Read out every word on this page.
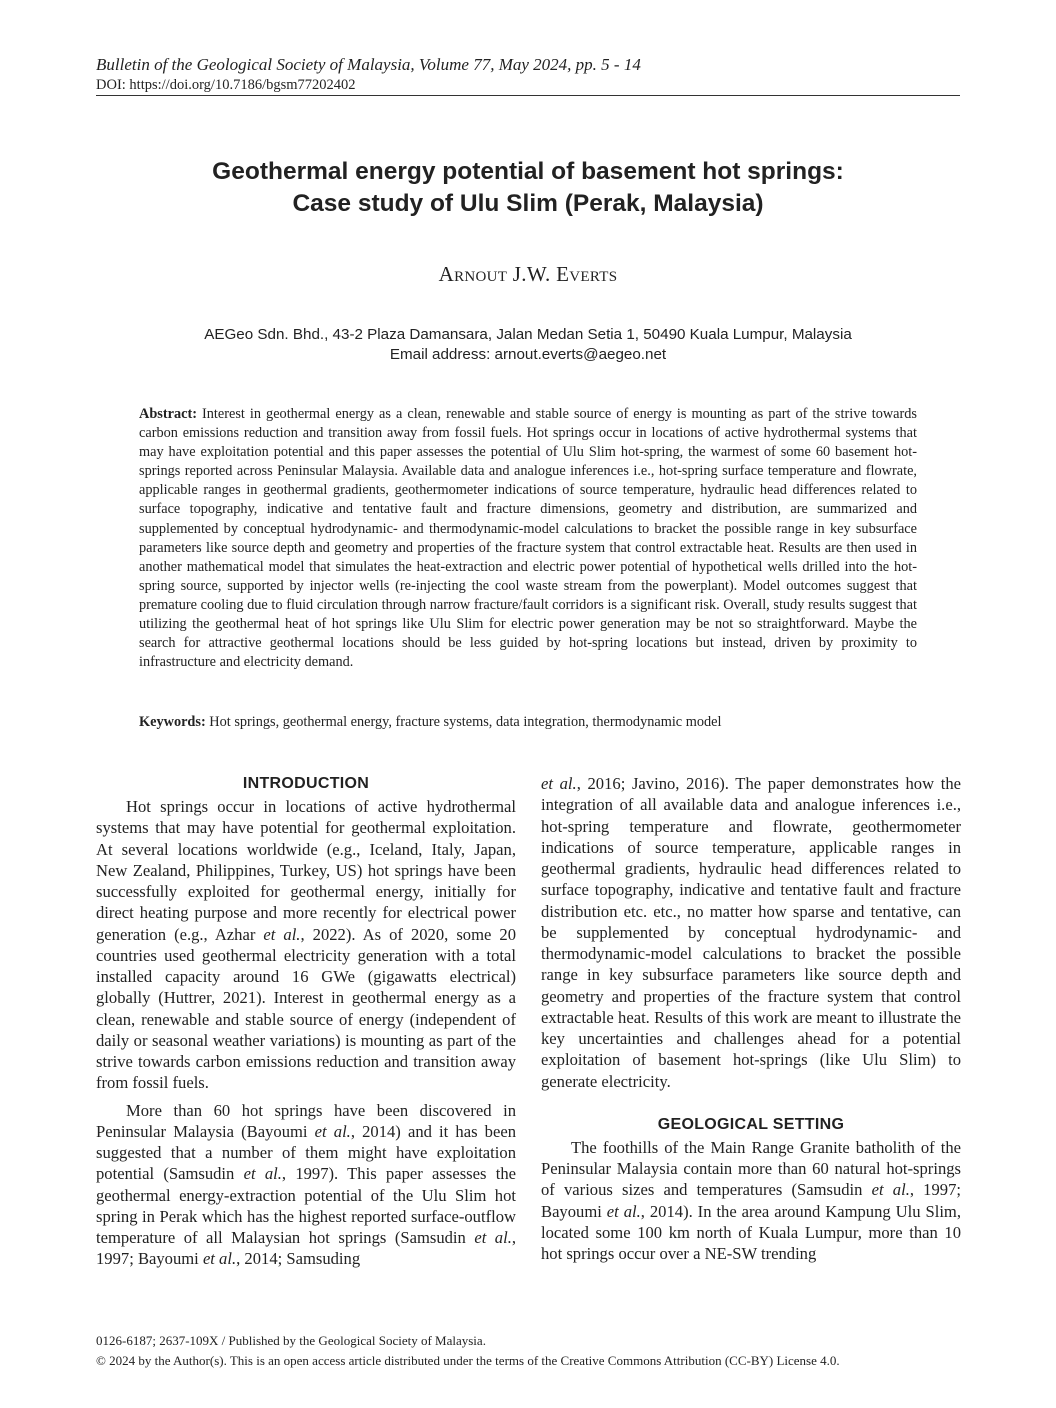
Bulletin of the Geological Society of Malaysia, Volume 77, May 2024, pp. 5 - 14
DOI: https://doi.org/10.7186/bgsm77202402
Geothermal energy potential of basement hot springs:
Case study of Ulu Slim (Perak, Malaysia)
Arnout J.W. Everts
AEGeo Sdn. Bhd., 43-2 Plaza Damansara, Jalan Medan Setia 1, 50490 Kuala Lumpur, Malaysia
Email address: arnout.everts@aegeo.net
Abstract: Interest in geothermal energy as a clean, renewable and stable source of energy is mounting as part of the strive towards carbon emissions reduction and transition away from fossil fuels. Hot springs occur in locations of active hydrothermal systems that may have exploitation potential and this paper assesses the potential of Ulu Slim hot-spring, the warmest of some 60 basement hot-springs reported across Peninsular Malaysia. Available data and analogue inferences i.e., hot-spring surface temperature and flowrate, applicable ranges in geothermal gradients, geothermometer indications of source temperature, hydraulic head differences related to surface topography, indicative and tentative fault and fracture dimensions, geometry and distribution, are summarized and supplemented by conceptual hydrodynamic- and thermodynamic-model calculations to bracket the possible range in key subsurface parameters like source depth and geometry and properties of the fracture system that control extractable heat. Results are then used in another mathematical model that simulates the heat-extraction and electric power potential of hypothetical wells drilled into the hot-spring source, supported by injector wells (re-injecting the cool waste stream from the powerplant). Model outcomes suggest that premature cooling due to fluid circulation through narrow fracture/fault corridors is a significant risk. Overall, study results suggest that utilizing the geothermal heat of hot springs like Ulu Slim for electric power generation may be not so straightforward. Maybe the search for attractive geothermal locations should be less guided by hot-spring locations but instead, driven by proximity to infrastructure and electricity demand.
Keywords: Hot springs, geothermal energy, fracture systems, data integration, thermodynamic model
INTRODUCTION

Hot springs occur in locations of active hydrothermal systems that may have potential for geothermal exploitation. At several locations worldwide (e.g., Iceland, Italy, Japan, New Zealand, Philippines, Turkey, US) hot springs have been successfully exploited for geothermal energy, initially for direct heating purpose and more recently for electrical power generation (e.g., Azhar et al., 2022). As of 2020, some 20 countries used geothermal electricity generation with a total installed capacity around 16 GWe (gigawatts electrical) globally (Huttrer, 2021). Interest in geothermal energy as a clean, renewable and stable source of energy (independent of daily or seasonal weather variations) is mounting as part of the strive towards carbon emissions reduction and transition away from fossil fuels.

More than 60 hot springs have been discovered in Peninsular Malaysia (Bayoumi et al., 2014) and it has been suggested that a number of them might have exploitation potential (Samsudin et al., 1997). This paper assesses the geothermal energy-extraction potential of the Ulu Slim hot spring in Perak which has the highest reported surface-outflow temperature of all Malaysian hot springs (Samsudin et al., 1997; Bayoumi et al., 2014; Samsuding

et al., 2016; Javino, 2016). The paper demonstrates how the integration of all available data and analogue inferences i.e., hot-spring temperature and flowrate, geothermometer indications of source temperature, applicable ranges in geothermal gradients, hydraulic head differences related to surface topography, indicative and tentative fault and fracture distribution etc. etc., no matter how sparse and tentative, can be supplemented by conceptual hydrodynamic- and thermodynamic-model calculations to bracket the possible range in key subsurface parameters like source depth and geometry and properties of the fracture system that control extractable heat. Results of this work are meant to illustrate the key uncertainties and challenges ahead for a potential exploitation of basement hot-springs (like Ulu Slim) to generate electricity.

GEOLOGICAL SETTING

The foothills of the Main Range Granite batholith of the Peninsular Malaysia contain more than 60 natural hot-springs of various sizes and temperatures (Samsudin et al., 1997; Bayoumi et al., 2014). In the area around Kampung Ulu Slim, located some 100 km north of Kuala Lumpur, more than 10 hot springs occur over a NE-SW trending

0126-6187; 2637-109X / Published by the Geological Society of Malaysia.
© 2024 by the Author(s). This is an open access article distributed under the terms of the Creative Commons Attribution (CC-BY) License 4.0.
